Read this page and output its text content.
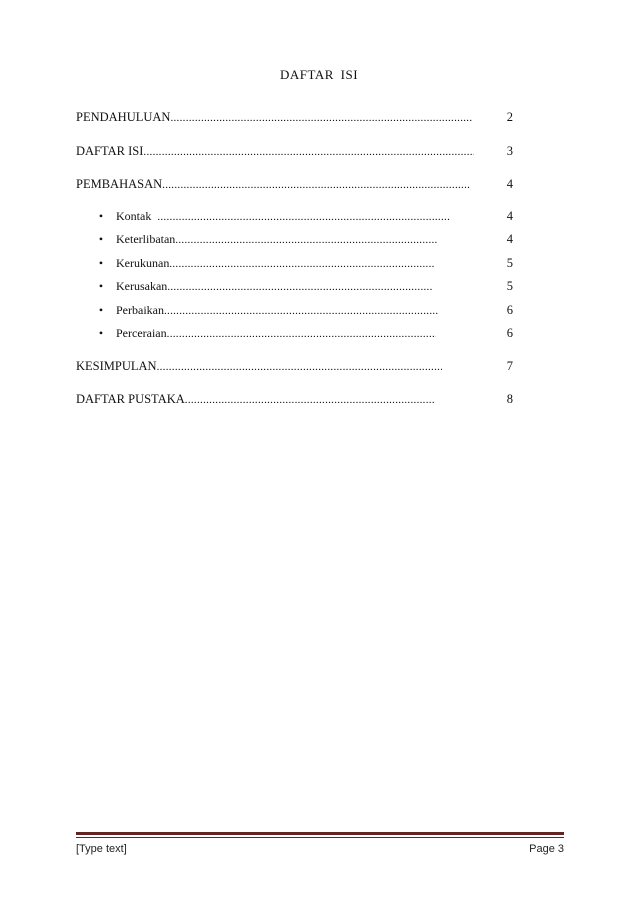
DAFTAR ISI
PENDAHULUAN .....	2
DAFTAR ISI .....	3
PEMBAHASAN .....	4
• Kontak .....	4
• Keterlibatan .....	4
• Kerukunan .....	5
• Kerusakan .....	5
• Perbaikan .....	6
• Perceraian .....	6
KESIMPULAN .....	7
DAFTAR PUSTAKA .....	8
[Type text]	Page 3
